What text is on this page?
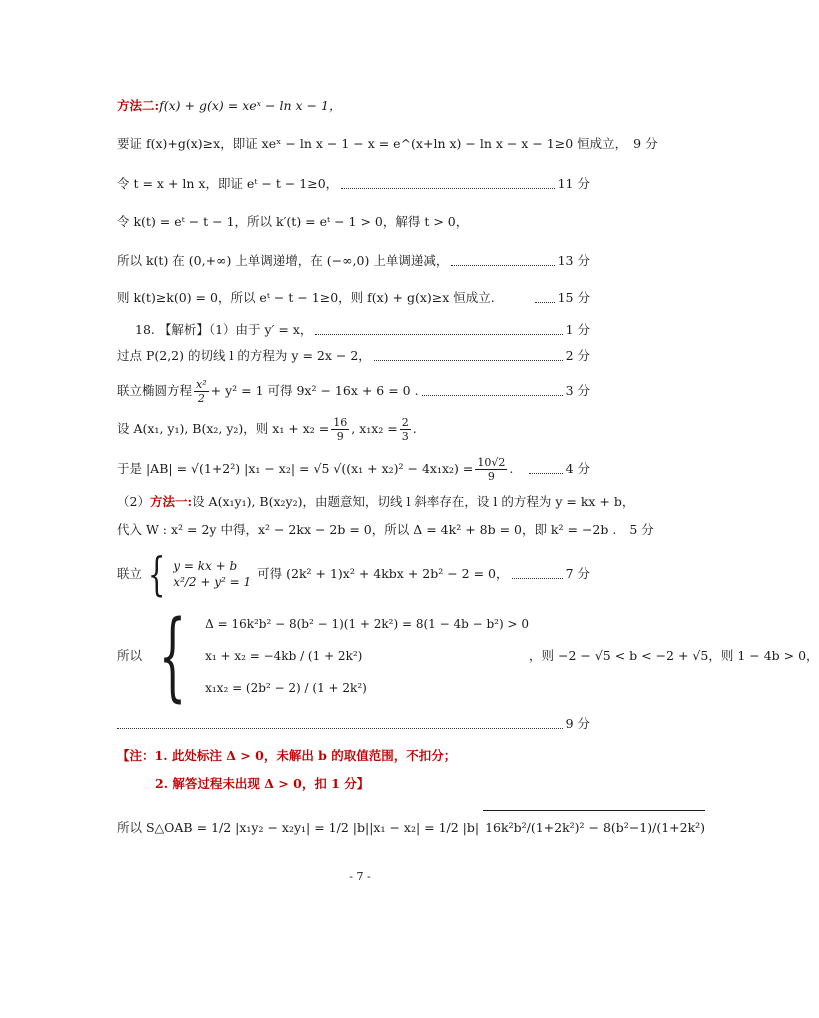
方法二: f(x) + g(x) = xeˣ − ln x − 1，
要证 f(x)+g(x)≥x，即证 xeˣ − ln x − 1 − x = e^(x+ln x) − ln x − x − 1≥0 恒成立， 9 分
令 t = x + ln x，即证 eᵗ − t − 1≥0，	11 分
令 k(t) = eᵗ − t − 1，所以 k′(t) = eᵗ − 1 > 0，解得 t > 0，
所以 k(t) 在 (0,+∞) 上单调递增，在 (−∞,0) 上单调递减，	13 分
则 k(t)≥k(0) = 0，所以 eᵗ − t − 1≥0，则 f(x) + g(x)≥x 恒成立.	15 分
18. 【解析】（1）由于 y′ = x，	1 分
过点 P(2,2) 的切线 l 的方程为 y = 2x − 2，	2 分
联立椭圆方程 $\frac{\text{x²}}{2} + y^2 = 1$ 可得 9x² − 16x + 6 = 0 .	3 分
设 A(x₁, y₁), B(x₂, y₂)，则 $x_1 + x_2 = \frac{16}{9}$ , $x_1x_2 = \frac{2}{3}$ .
于是 |AB| = √(1+2²) |x₁ − x₂| = √5 $√((x_1 + x_2)^2 - 4x_1x_2) = \frac{10√2}{9}$ .	4 分
（2） 方法一: 设 A(x₁y₁), B(x₂y₂)，由题意知，切线 l 斜率存在，设 l 的方程为 y = kx + b，
代入 W : x² = 2y 中得，x² − 2kx − 2b = 0，所以 Δ = 4k² + 8b = 0，即 k² = −2b . 5 分
联立 { y = kx + b
x²/2 + y² = 1
可得 (2k² + 1)x² + 4kbx + 2b² − 2 = 0，	7 分
所以 { Δ = 16k²b² − 8(b² − 1)(1 + 2k²) = 8(1 − 4b − b²) > 0
x₁ + x₂ = −4kb / (1 + 2k²)
x₁x₂ = (2b² − 2) / (1 + 2k²)
，则 −2 − √5 < b < −2 + √5，则 1 − 4b > 0，
9 分
【注：1. 此处标注 Δ > 0，未解出 b 的取值范围，不扣分；
2. 解答过程未出现 Δ > 0，扣 1 分】
所以 S△OAB = 1/2 |x₁y₂ − x₂y₁| = 1/2 |b||x₁ − x₂| = 1/2 |b| 16k²b²/(1+2k²)² − 8(b²−1)/(1+2k²)
- 7 -
